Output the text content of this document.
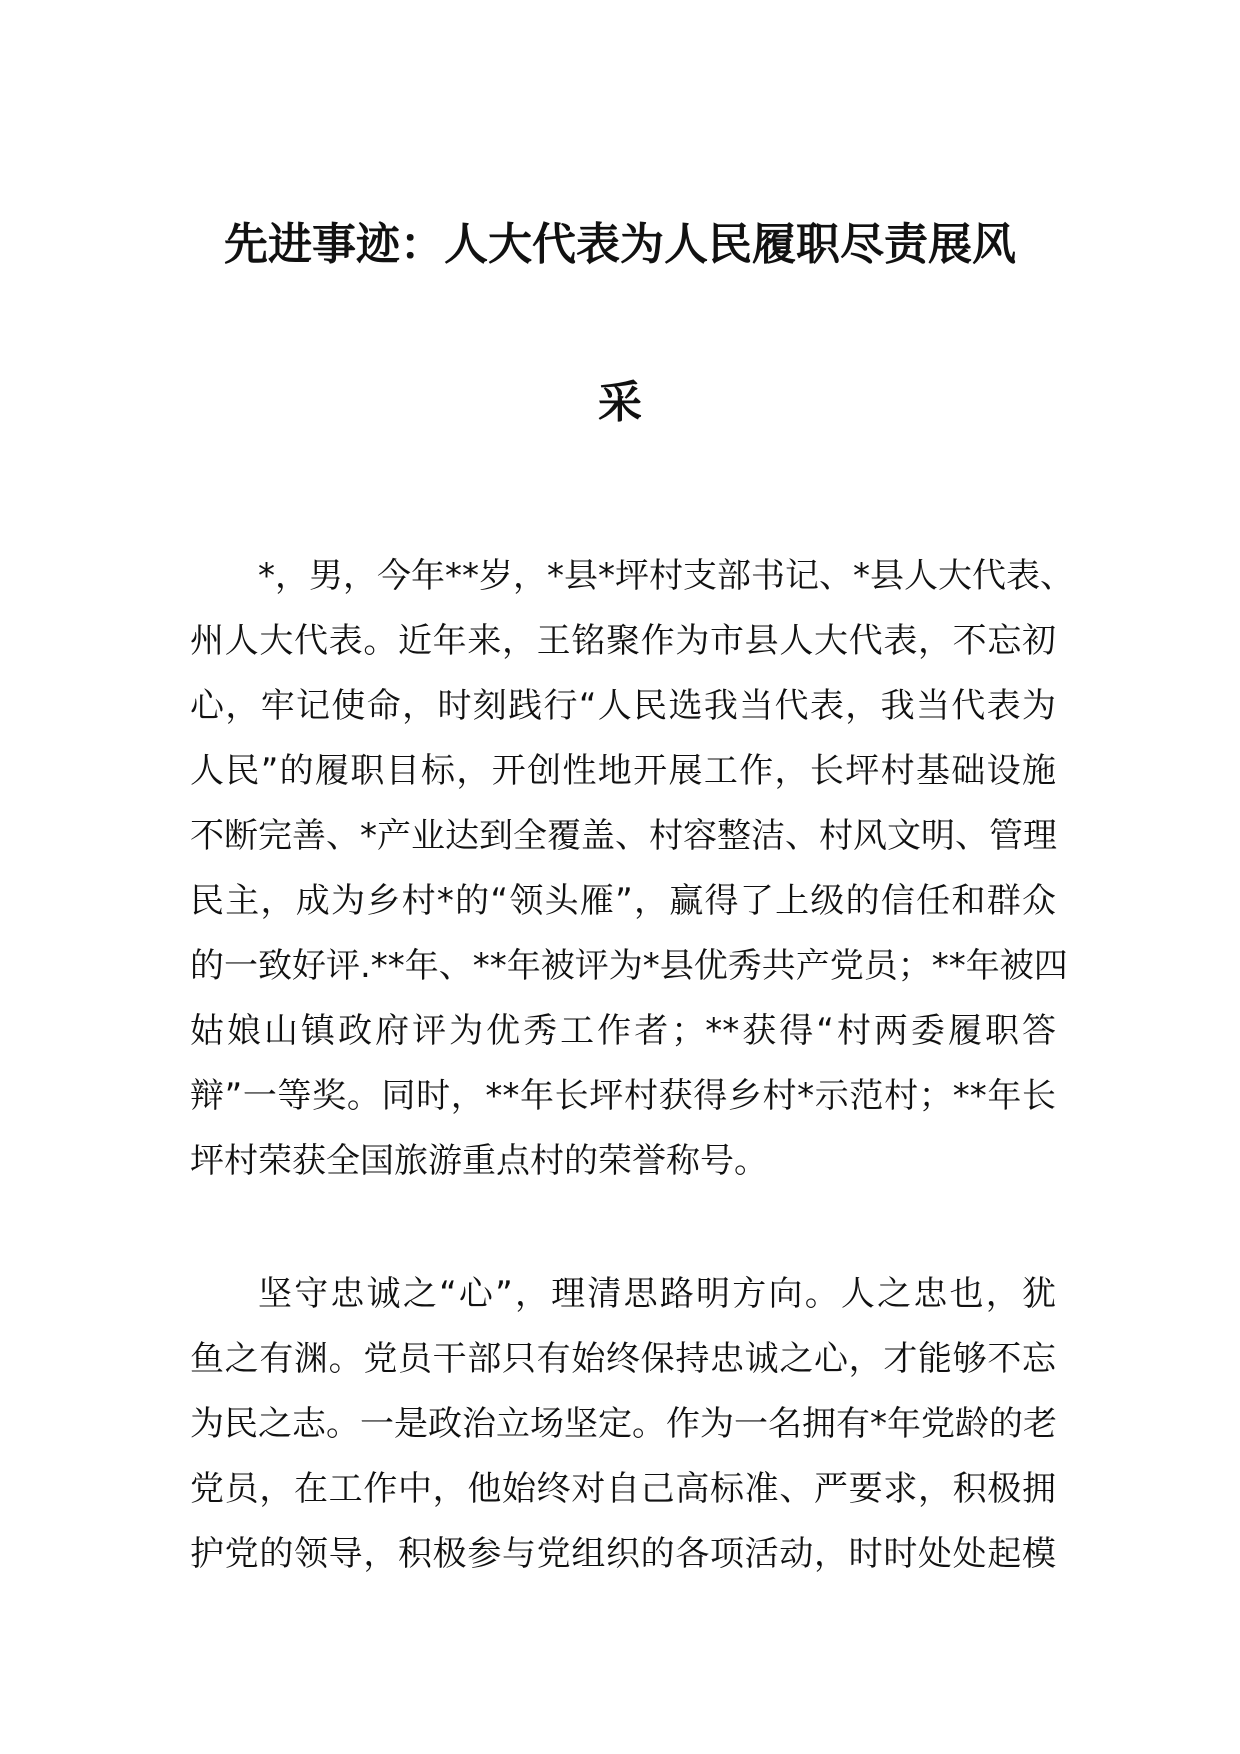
先进事迹：人大代表为人民履职尽责展风
采
*，男，今年**岁，*县*坪村支部书记、*县人大代表、
州人大代表。近年来，王铭聚作为市县人大代表，不忘初
心，牢记使命，时刻践行“人民选我当代表，我当代表为
人民”的履职目标，开创性地开展工作，长坪村基础设施
不断完善、*产业达到全覆盖、村容整洁、村风文明、管理
民主，成为乡村*的“领头雁”，赢得了上级的信任和群众
的一致好评.**年、**年被评为*县优秀共产党员；**年被四
姑娘山镇政府评为优秀工作者；**获得“村两委履职答
辩”一等奖。同时，**年长坪村获得乡村*示范村；**年长
坪村荣获全国旅游重点村的荣誉称号。
坚守忠诚之“心”，理清思路明方向。人之忠也，犹
鱼之有渊。党员干部只有始终保持忠诚之心，才能够不忘
为民之志。一是政治立场坚定。作为一名拥有*年党龄的老
党员，在工作中，他始终对自己高标准、严要求，积极拥
护党的领导，积极参与党组织的各项活动，时时处处起模
